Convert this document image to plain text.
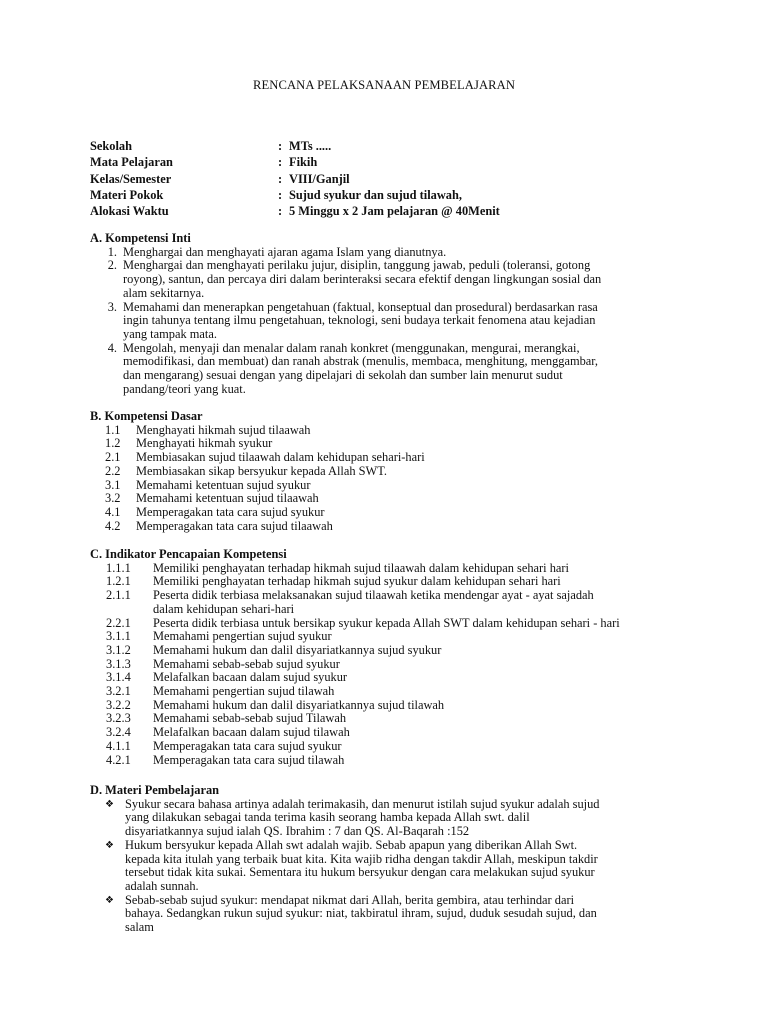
RENCANA PELAKSANAAN PEMBELAJARAN
Sekolah	: MTs .....
Mata Pelajaran	: Fikih
Kelas/Semester	: VIII/Ganjil
Materi Pokok	: Sujud syukur dan sujud tilawah,
Alokasi Waktu	: 5 Minggu x 2 Jam pelajaran @ 40Menit
A. Kompetensi Inti
1. Menghargai dan menghayati ajaran agama Islam yang dianutnya.
2. Menghargai dan menghayati perilaku jujur, disiplin, tanggung jawab, peduli (toleransi, gotong
royong), santun, dan percaya diri dalam berinteraksi secara efektif dengan lingkungan sosial dan
alam sekitarnya.
3. Memahami dan menerapkan pengetahuan (faktual, konseptual dan prosedural) berdasarkan rasa
ingin tahunya tentang ilmu pengetahuan, teknologi, seni budaya terkait fenomena atau kejadian
yang tampak mata.
4. Mengolah, menyaji dan menalar dalam ranah konkret (menggunakan, mengurai, merangkai,
memodifikasi, dan membuat) dan ranah abstrak (menulis, membaca, menghitung, menggambar,
dan mengarang) sesuai dengan yang dipelajari di sekolah dan sumber lain menurut sudut
pandang/teori yang kuat.
B. Kompetensi Dasar
1.1	Menghayati hikmah sujud tilaawah
1.2	Menghayati hikmah syukur
2.1	Membiasakan sujud tilaawah dalam kehidupan sehari-hari
2.2	Membiasakan sikap bersyukur kepada Allah SWT.
3.1	Memahami ketentuan sujud syukur
3.2	Memahami ketentuan sujud tilaawah
4.1	Memperagakan tata cara sujud syukur
4.2	Memperagakan tata cara sujud tilaawah
C. Indikator Pencapaian Kompetensi
1.1.1	Memiliki penghayatan terhadap hikmah sujud tilaawah dalam kehidupan sehari hari
1.2.1	Memiliki penghayatan terhadap hikmah sujud syukur dalam kehidupan sehari hari
2.1.1	Peserta didik terbiasa melaksanakan sujud tilaawah ketika mendengar ayat - ayat sajadah
dalam kehidupan sehari-hari
2.2.1	Peserta didik terbiasa untuk bersikap syukur kepada Allah SWT dalam kehidupan sehari - hari
3.1.1	Memahami pengertian sujud syukur
3.1.2	Memahami hukum dan dalil disyariatkannya sujud syukur
3.1.3	Memahami sebab-sebab sujud syukur
3.1.4	Melafalkan bacaan dalam sujud syukur
3.2.1	Memahami pengertian sujud tilawah
3.2.2	Memahami hukum dan dalil disyariatkannya sujud tilawah
3.2.3	Memahami sebab-sebab sujud Tilawah
3.2.4	Melafalkan bacaan dalam sujud tilawah
4.1.1	Memperagakan tata cara sujud syukur
4.2.1	Memperagakan tata cara sujud tilawah
D. Materi Pembelajaran
❖ Syukur secara bahasa artinya adalah terimakasih, dan menurut istilah sujud syukur adalah sujud
yang dilakukan sebagai tanda terima kasih seorang hamba kepada Allah swt. dalil
disyariatkannya sujud ialah QS. Ibrahim : 7 dan QS. Al-Baqarah :152
❖ Hukum bersyukur kepada Allah swt adalah wajib. Sebab apapun yang diberikan Allah Swt.
kepada kita itulah yang terbaik buat kita. Kita wajib ridha dengan takdir Allah, meskipun takdir
tersebut tidak kita sukai. Sementara itu hukum bersyukur dengan cara melakukan sujud syukur
adalah sunnah.
❖ Sebab-sebab sujud syukur: mendapat nikmat dari Allah, berita gembira, atau terhindar dari
bahaya. Sedangkan rukun sujud syukur: niat, takbiratul ihram, sujud, duduk sesudah sujud, dan
salam
